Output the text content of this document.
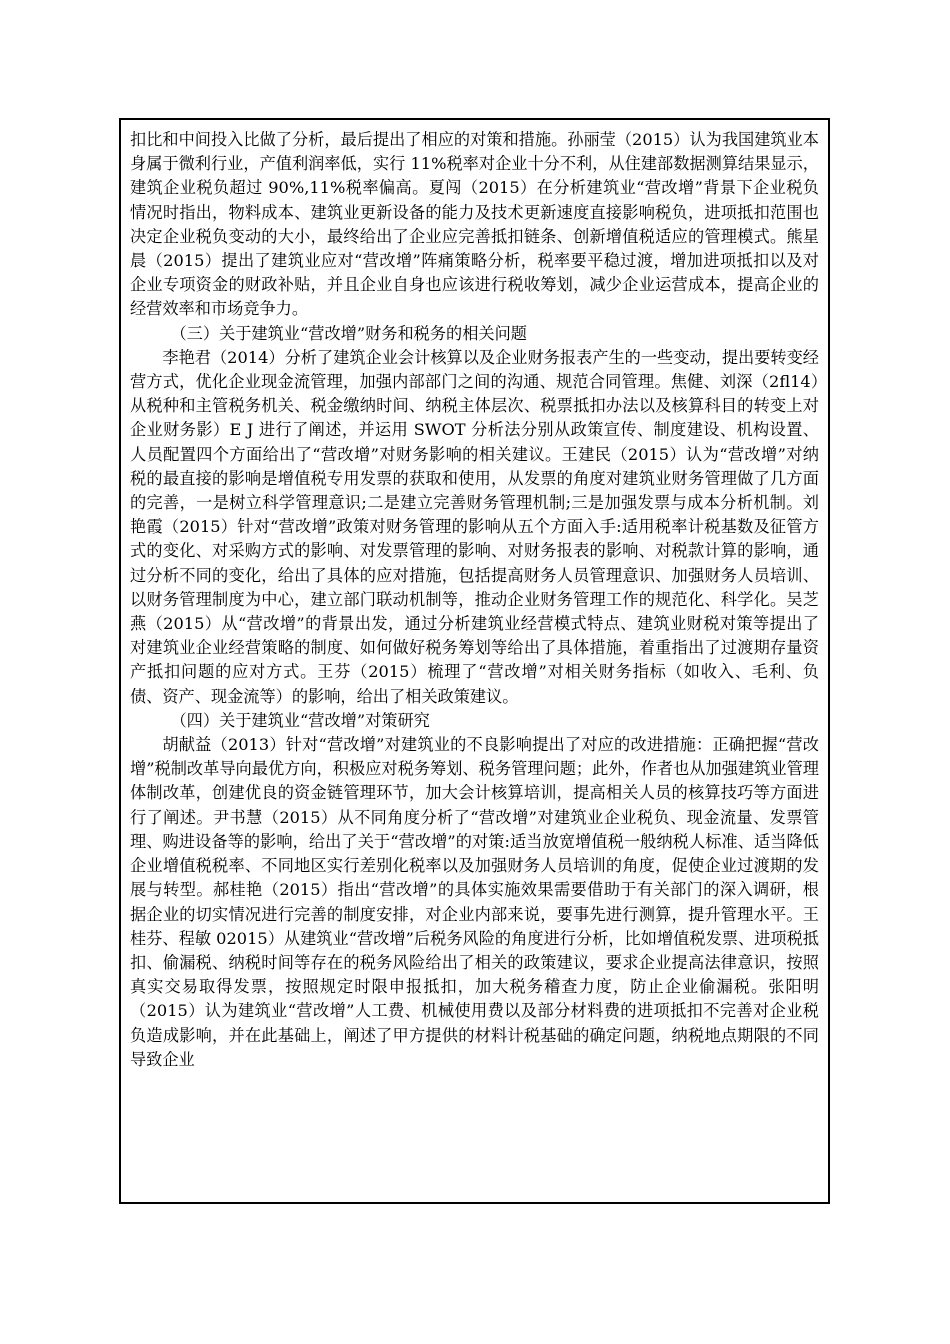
扣比和中间投入比做了分析，最后提出了相应的对策和措施。孙丽莹（2015）认为我国建筑业本身属于微利行业，产值利润率低，实行 11%税率对企业十分不利，从住建部数据测算结果显示，建筑企业税负超过 90%,11%税率偏高。夏闯（2015）在分析建筑业“营改增”背景下企业税负情况时指出，物料成本、建筑业更新设备的能力及技术更新速度直接影响税负，进项抵扣范围也决定企业税负变动的大小，最终给出了企业应完善抵扣链条、创新增值税适应的管理模式。熊星晨（2015）提出了建筑业应对“营改增”阵痛策略分析，税率要平稳过渡，增加进项抵扣以及对企业专项资金的财政补贴，并且企业自身也应该进行税收筹划，减少企业运营成本，提高企业的经营效率和市场竞争力。

（三）关于建筑业“营改增”财务和税务的相关问题

李艳君（2014）分析了建筑企业会计核算以及企业财务报表产生的一些变动，提出要转变经营方式，优化企业现金流管理，加强内部部门之间的沟通、规范合同管理。焦健、刘深（2fl14）从税种和主管税务机关、税金缴纳时间、纳税主体层次、税票抵扣办法以及核算科目的转变上对企业财务影）E J 进行了阐述，并运用 SWOT 分析法分别从政策宣传、制度建设、机构设置、人员配置四个方面给出了“营改增”对财务影响的相关建议。王建民（2015）认为“营改增”对纳税的最直接的影响是增值税专用发票的获取和使用，从发票的角度对建筑业财务管理做了几方面的完善，一是树立科学管理意识;二是建立完善财务管理机制;三是加强发票与成本分析机制。刘艳霞（2015）针对“营改增”政策对财务管理的影响从五个方面入手:适用税率计税基数及征管方式的变化、对采购方式的影响、对发票管理的影响、对财务报表的影响、对税款计算的影响，通过分析不同的变化，给出了具体的应对措施，包括提高财务人员管理意识、加强财务人员培训、以财务管理制度为中心，建立部门联动机制等，推动企业财务管理工作的规范化、科学化。吴芝燕（2015）从“营改增”的背景出发，通过分析建筑业经营模式特点、建筑业财税对策等提出了对建筑业企业经营策略的制度、如何做好税务筹划等给出了具体措施，着重指出了过渡期存量资产抵扣问题的应对方式。王芬（2015）梳理了“营改增”对相关财务指标（如收入、毛利、负债、资产、现金流等）的影响，给出了相关政策建议。

（四）关于建筑业“营改增”对策研究

胡献益（2013）针对“营改增”对建筑业的不良影响提出了对应的改进措施：正确把握“营改增”税制改革导向最优方向，积极应对税务筹划、税务管理问题；此外，作者也从加强建筑业管理体制改革，创建优良的资金链管理环节，加大会计核算培训，提高相关人员的核算技巧等方面进行了阐述。尹书慧（2015）从不同角度分析了“营改增”对建筑业企业税负、现金流量、发票管理、购进设备等的影响，给出了关于“营改增”的对策:适当放宽增值税一般纳税人标准、适当降低企业增值税税率、不同地区实行差别化税率以及加强财务人员培训的角度，促使企业过渡期的发展与转型。郝桂艳（2015）指出“营改增”的具体实施效果需要借助于有关部门的深入调研，根据企业的切实情况进行完善的制度安排，对企业内部来说，要事先进行测算，提升管理水平。王桂芬、程敏 02015）从建筑业“营改增”后税务风险的角度进行分析，比如增值税发票、进项税抵扣、偷漏税、纳税时间等存在的税务风险给出了相关的政策建议，要求企业提高法律意识，按照真实交易取得发票，按照规定时限申报抵扣，加大税务稽查力度，防止企业偷漏税。张阳明（2015）认为建筑业“营改增”人工费、机械使用费以及部分材料费的进项抵扣不完善对企业税负造成影响，并在此基础上，阐述了甲方提供的材料计税基础的确定问题，纳税地点期限的不同导致企业
